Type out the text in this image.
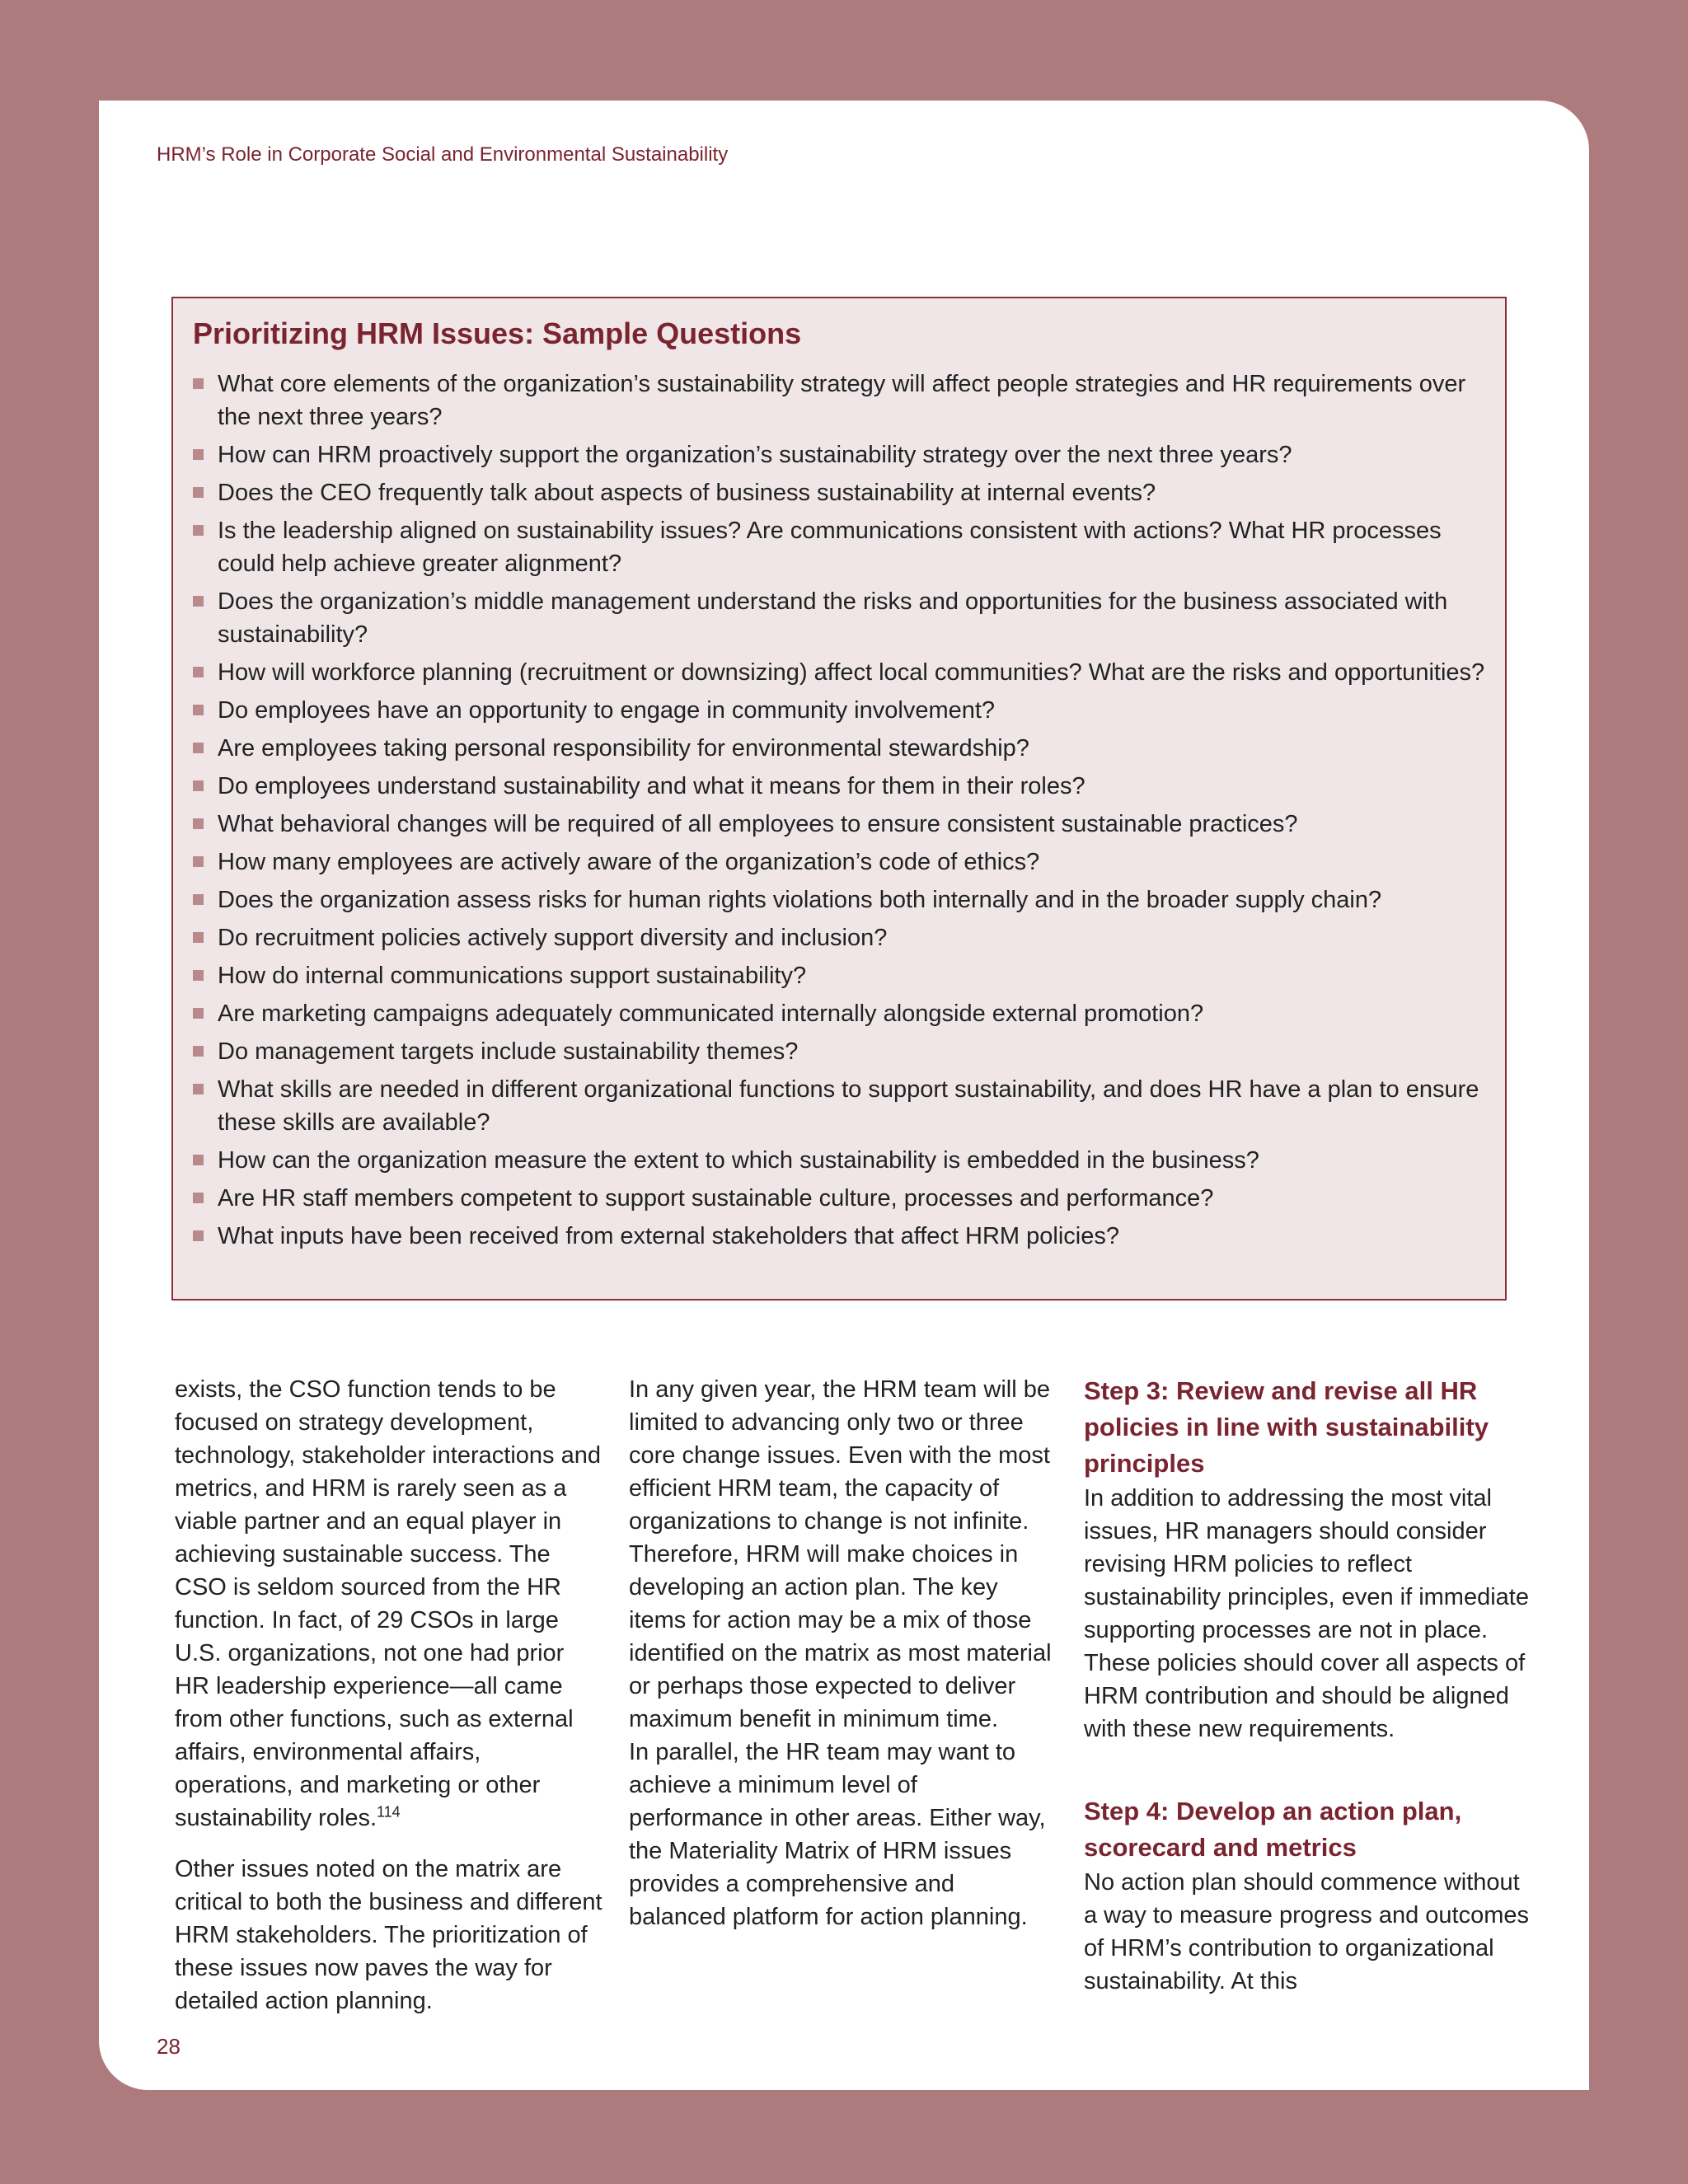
HRM’s Role in Corporate Social and Environmental Sustainability
Prioritizing HRM Issues: Sample Questions
What core elements of the organization’s sustainability strategy will affect people strategies and HR requirements over the next three years?
How can HRM proactively support the organization’s sustainability strategy over the next three years?
Does the CEO frequently talk about aspects of business sustainability at internal events?
Is the leadership aligned on sustainability issues? Are communications consistent with actions? What HR processes could help achieve greater alignment?
Does the organization’s middle management understand the risks and opportunities for the business associated with sustainability?
How will workforce planning (recruitment or downsizing) affect local communities? What are the risks and opportunities?
Do employees have an opportunity to engage in community involvement?
Are employees taking personal responsibility for environmental stewardship?
Do employees understand sustainability and what it means for them in their roles?
What behavioral changes will be required of all employees to ensure consistent sustainable practices?
How many employees are actively aware of the organization’s code of ethics?
Does the organization assess risks for human rights violations both internally and in the broader supply chain?
Do recruitment policies actively support diversity and inclusion?
How do internal communications support sustainability?
Are marketing campaigns adequately communicated internally alongside external promotion?
Do management targets include sustainability themes?
What skills are needed in different organizational functions to support sustainability, and does HR have a plan to ensure these skills are available?
How can the organization measure the extent to which sustainability is embedded in the business?
Are HR staff members competent to support sustainable culture, processes and performance?
What inputs have been received from external stakeholders that affect HRM policies?

exists, the CSO function tends to be focused on strategy development, technology, stakeholder interactions and metrics, and HRM is rarely seen as a viable partner and an equal player in achieving sustainable success. The CSO is seldom sourced from the HR function. In fact, of 29 CSOs in large U.S. organizations, not one had prior HR leadership experience—all came from other functions, such as external affairs, environmental affairs, operations, and marketing or other sustainability roles.$^{114}$

Other issues noted on the matrix are critical to both the business and different HRM stakeholders. The prioritization of these issues now paves the way for detailed action planning.

In any given year, the HRM team will be limited to advancing only two or three core change issues. Even with the most efficient HRM team, the capacity of organizations to change is not infinite. Therefore, HRM will make choices in developing an action plan. The key items for action may be a mix of those identified on the matrix as most material or perhaps those expected to deliver maximum benefit in minimum time.

In parallel, the HR team may want to achieve a minimum level of performance in other areas. Either way, the Materiality Matrix of HRM issues provides a comprehensive and balanced platform for action planning.

Step 3: Review and revise all HR policies in line with sustainability principles

In addition to addressing the most vital issues, HR managers should consider revising HRM policies to reflect sustainability principles, even if immediate supporting processes are not in place. These policies should cover all aspects of HRM contribution and should be aligned with these new requirements.

Step 4: Develop an action plan, scorecard and metrics

No action plan should commence without a way to measure progress and outcomes of HRM’s contribution to organizational sustainability. At this

28
